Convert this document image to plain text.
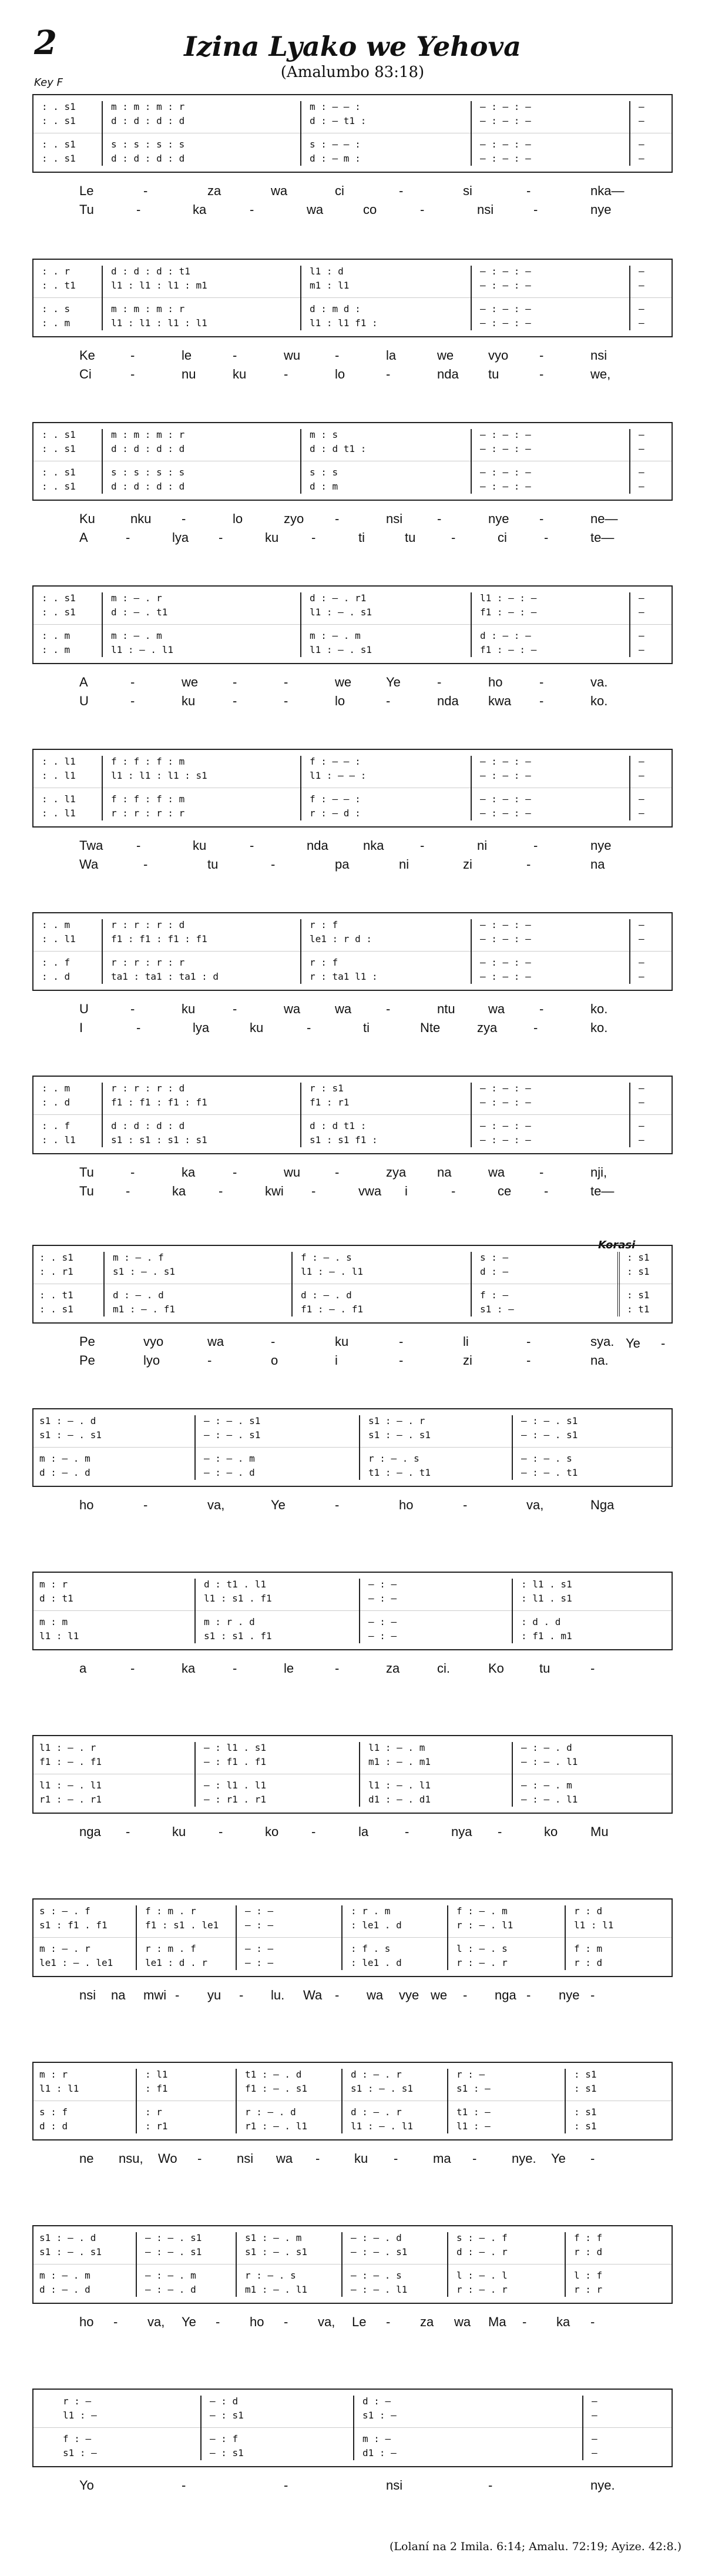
2	Izina Lyako we Yehova
(Amalumbo 83:18)
Key F
Korasi
: . s1	m : m : m : r	m : — — :	— : — : —	—
: . s1	d : d : d : d	d : — t1 :	— : — : —	—
: . s1	s : s : s : s	s : — — :	— : — : —	—
: . s1	d : d : d : d	d : — m :	— : — : —	—
Le	-	za	wa	ci	-	si	-	nka—
Tu	-	ka	-	wa	co	-	nsi	-	nye
: . r	d : d : d : t1	l1 : d	— : — : —	—
: . t1	l1 : l1 : l1 : m1	m1 : l1	— : — : —	—
: . s	m : m : m : r	d : m d :	— : — : —	—
: . m	l1 : l1 : l1 : l1	l1 : l1 f1 :	— : — : —	—
Ke	-	le	-	wu	-	la	we	vyo -	nsi
Ci	-	nu	ku	-	lo	-	nda tu	-	we,
: . s1	m : m : m : r	m : s	— : — : —	—
: . s1	d : d : d : d	d : d t1 :	— : — : —	—
: . s1	s : s : s : s	s : s	— : — : —	—
: . s1	d : d : d : d	d : m	— : — : —	—
Ku	nku -	lo	zyo -	nsi	-	nye -	ne—
A	-	lya -	ku	-	ti	tu	-	ci	-	te—
: . s1	m : — . r	d : — . r1	l1 : — : —	—
: . s1	d : — . t1	l1 : — . s1	f1 : — : —	—
: . m	m : — . m	m : — . m	d : — : —	—
: . m	l1 : — . l1	l1 : — . s1	f1 : — : —	—
A	-	we	-	-	we	Ye	-	ho	-	va.
U	-	ku	-	-	lo	-	nda kwa -	ko.
: . l1	f : f : f : m	f : — — :	— : — : —	—
: . l1	l1 : l1 : l1 : s1	l1 : — — :	— : — : —	—
: . l1	f : f : f : m	f : — — :	— : — : —	—
: . l1	r : r : r : r	r : — d :	— : — : —	—
Twa	-	ku	-	nda	nka	-	ni	-	nye
Wa	-	tu	-	pa	ni	zi	-	na
: . m	r : r : r : d	r : f	— : — : —	—
: . l1	f1 : f1 : f1 : f1	le1 : r d :	— : — : —	—
: . f	r : r : r : r	r : f	— : — : —	—
: . d	ta1 : ta1 : ta1 : d	r : ta1 l1 :	— : — : —	—
U	-	ku	-	wa	wa	-	ntu	wa	-	ko.
I	-	lya	ku	-	ti	Nte	zya	-	ko.
: . m	r : r : r : d	r : s1	— : — : —	—
: . d	f1 : f1 : f1 : f1	f1 : r1	— : — : —	—
: . f	d : d : d : d	d : d t1 :	— : — : —	—
: . l1	s1 : s1 : s1 : s1	s1 : s1 f1 :	— : — : —	—
Tu	-	ka	-	wu	-	zya na	wa	-	nji,
Tu -	ka	-	kwi -	vwa i	-	ce	-	te—
: . s1	m : — . f	f : — . s	s : —	: s1
: . r1	s1 : — . s1	l1 : — . l1	d : —	: s1
: . t1	d : — . d	d : — . d	f : —	: s1
: . s1	m1 : — . f1	f1 : — . f1	s1 : —	: t1
Pe	vyo	wa	-	ku	-	li	-	sya.
Pe	lyo	-	o	i	-	zi	-	na.
Ye -
s1 : — . d	— : — . s1	s1 : — . r	— : — . s1
s1 : — . s1	— : — . s1	s1 : — . s1	— : — . s1
m : — . m	— : — . m	r : — . s	— : — . s
d : — . d	— : — . d	t1 : — . t1	— : — . t1
ho	-	va,	Ye	-	ho	-	va,	Nga
m : r	d : t1 . l1	— : —	: l1 . s1
d : t1	l1 : s1 . f1	— : —	: l1 . s1
m : m	m : r . d	— : —	: d . d
l1 : l1	s1 : s1 . f1	— : —	: f1 . m1
a	-	ka	-	le	-	za	ci.	Ko	tu	-
l1 : — . r	— : l1 . s1	l1 : — . m	— : — . d
f1 : — . f1	— : f1 . f1	m1 : — . m1	— : — . l1
l1 : — . l1	— : l1 . l1	l1 : — . l1	— : — . m
r1 : — . r1	— : r1 . r1	d1 : — . d1	— : — . l1
nga -	ku	-	ko	-	la	-	nya -	ko	Mu
s : — . f	f : m . r	— : —	: r . m	f : — . m	r : d
s1 : f1 . f1	f1 : s1 . le1	— : —	: le1 . d	r : — . l1	l1 : l1
m : — . r	r : m . f	— : —	: f . s	l : — . s	f : m
le1 : — . le1	le1 : d . r	— : —	: le1 . d	r : — . r	r : d
nsi na mwi - yu - lu. Wa - wa vye we - nga - nye -
m : r	: l1	t1 : — . d	d : — . r	r : —	: s1
l1 : l1	: f1	f1 : — . s1	s1 : — . s1	s1 : —	: s1
s : f	: r	r : — . d	d : — . r	t1 : —	: s1
d : d	: r1	r1 : — . l1	l1 : — . l1	l1 : —	: s1
ne nsu, Wo -	nsi wa -	ku -	ma -	nye. Ye -
s1 : — . d	— : — . s1	s1 : — . m	— : — . d	s : — . f	f : f
s1 : — . s1	— : — . s1	s1 : — . s1	— : — . s1	d : — . r	r : d
m : — . m	— : — . m	r : — . s	— : — . s	l : — . l	l : f
d : — . d	— : — . d	m1 : — . l1	— : — . l1	r : — . r	r : r
ho - va, Ye - ho - va, Le - za wa Ma - ka -
r : —	— : d	d : —	—
l1 : —	— : s1	s1 : —	—
f : —	— : f	m : —	—
s1 : —	— : s1	d1 : —	—
Yo	-	-	nsi	-	nye.
(Lolaní na 2 Imila. 6:14; Amalu. 72:19; Ayize. 42:8.)
